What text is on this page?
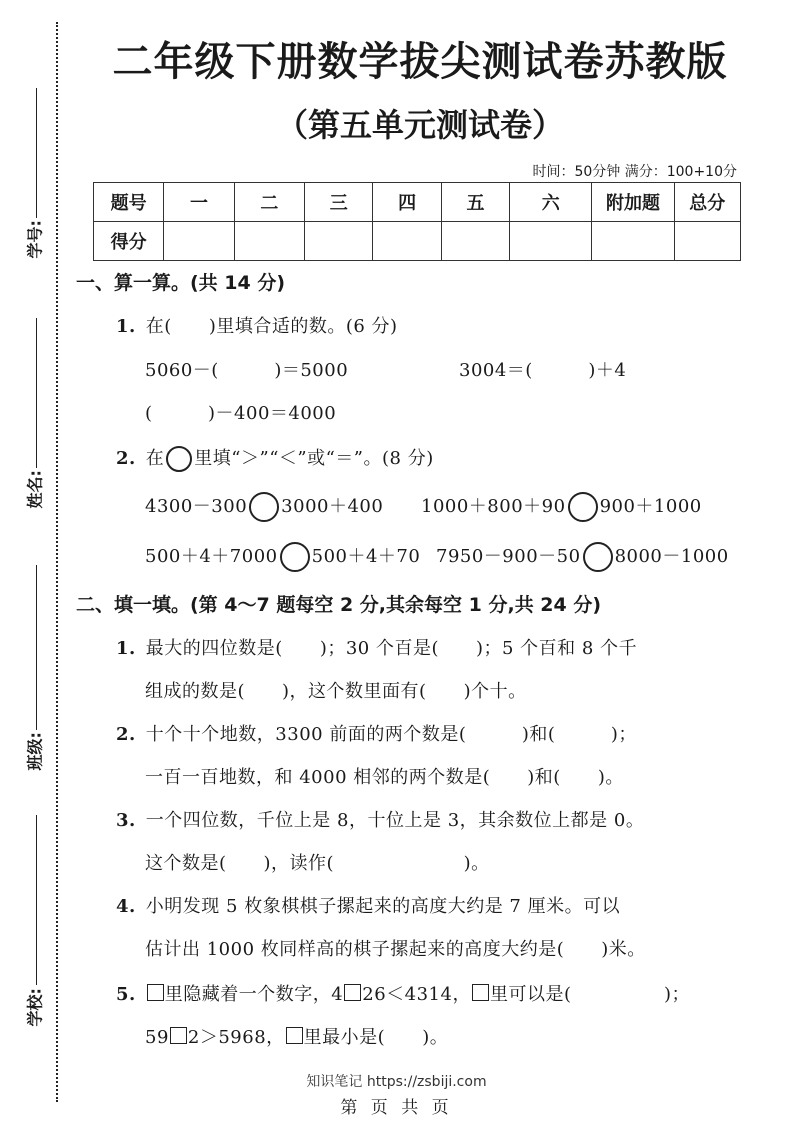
学号:
姓名:
班级:
学校:
二年级下册数学拔尖测试卷苏教版
（第五单元测试卷）
时间：50分钟 满分：100+10分
题号	一	二	三	四	五	六	附加题	总分
得分								
一、算一算。(共 14 分)
1. 在(　　)里填合适的数。(6 分)
5060－(　　　)＝5000	3004＝(　　　)＋4
(　　　)－400＝4000
2. 在 里填“＞”“＜”或“＝”。(8 分)
4300－300 3000＋400 1000＋800＋90 900＋1000
500＋4＋7000 500＋4＋70 7950－900－50 8000－1000
二、填一填。(第 4～7 题每空 2 分,其余每空 1 分,共 24 分)
1. 最大的四位数是(　　)；30 个百是(　　)；5 个百和 8 个千
组成的数是(　　)，这个数里面有(　　)个十。
2. 十个十个地数，3300 前面的两个数是(　　　)和(　　　)；
一百一百地数，和 4000 相邻的两个数是(　　)和(　　)。
3. 一个四位数，千位上是 8，十位上是 3，其余数位上都是 0。
这个数是(　　)，读作(　　　　　　　)。
4. 小明发现 5 枚象棋棋子摞起来的高度大约是 7 厘米。可以
估计出 1000 枚同样高的棋子摞起来的高度大约是(　　)米。
5. 里隐藏着一个数字，4 26＜4314， 里可以是(　　　　　)；
59 2＞5968， 里最小是(　　)。
知识笔记 https://zsbiji.com
第 页 共 页
